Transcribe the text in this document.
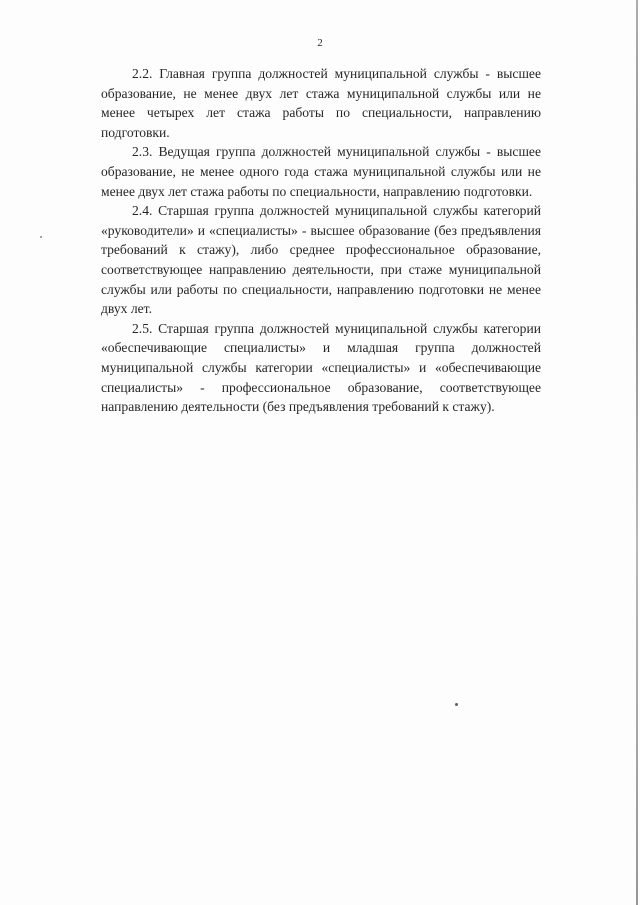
2

2.2. Главная группа должностей муниципальной службы - высшее образование, не менее двух лет стажа муниципальной службы или не менее четырех лет стажа работы по специальности, направлению подготовки.

2.3. Ведущая группа должностей муниципальной службы - высшее образование, не менее одного года стажа муниципальной службы или не менее двух лет стажа работы по специальности, направлению подготовки.

2.4. Старшая группа должностей муниципальной службы категорий «руководители» и «специалисты» - высшее образование (без предъявления требований к стажу), либо среднее профессиональное образование, соответствующее направлению деятельности, при стаже муниципальной службы или работы по специальности, направлению подготовки не менее двух лет.

2.5. Старшая группа должностей муниципальной службы категории «обеспечивающие специалисты» и младшая группа должностей муниципальной службы категории «специалисты» и «обеспечивающие специалисты» - профессиональное образование, соответствующее направлению деятельности (без предъявления требований к стажу).
